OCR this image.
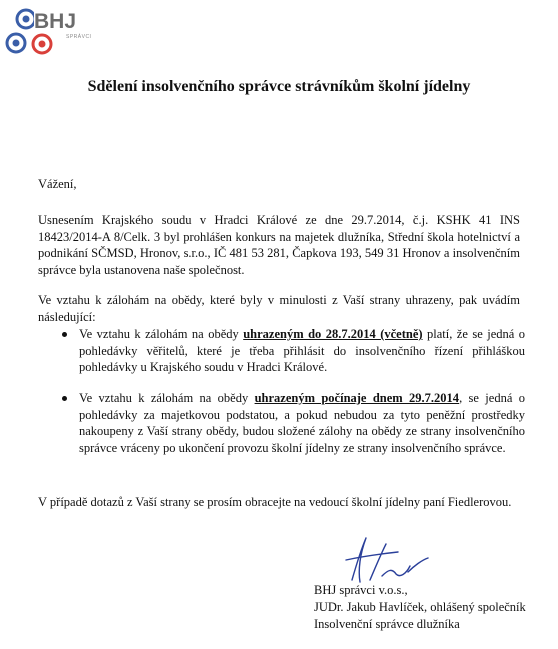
BHJ
SPRÁVCI
Sdělení insolvenčního správce strávníkům školní jídelny
Vážení,
Usnesením Krajského soudu v Hradci Králové ze dne 29.7.2014, č.j. KSHK 41 INS 18423/2014-A 8/Celk. 3 byl prohlášen konkurs na majetek dlužníka, Střední škola hotelnictví a podnikání SČMSD, Hronov, s.r.o., IČ 481 53 281, Čapkova 193, 549 31 Hronov a insolvenčním správce byla ustanovena naše společnost.
Ve vztahu k zálohám na obědy, které byly v minulosti z Vaší strany uhrazeny, pak uvádím následující:
Ve vztahu k zálohám na obědy uhrazeným do 28.7.2014 (včetně) platí, že se jedná o pohledávky věřitelů, které je třeba přihlásit do insolvenčního řízení přihláškou pohledávky u Krajského soudu v Hradci Králové.
Ve vztahu k zálohám na obědy uhrazeným počínaje dnem 29.7.2014, se jedná o pohledávky za majetkovou podstatou, a pokud nebudou za tyto peněžní prostředky nakoupeny z Vaší strany obědy, budou složené zálohy na obědy ze strany insolvenčního správce vráceny po ukončení provozu školní jídelny ze strany insolvenčního správce.
V případě dotazů z Vaší strany se prosím obracejte na vedoucí školní jídelny paní Fiedlerovou.
BHJ správci v.o.s.,
JUDr. Jakub Havlíček, ohlášený společník
Insolvenční správce dlužníka
